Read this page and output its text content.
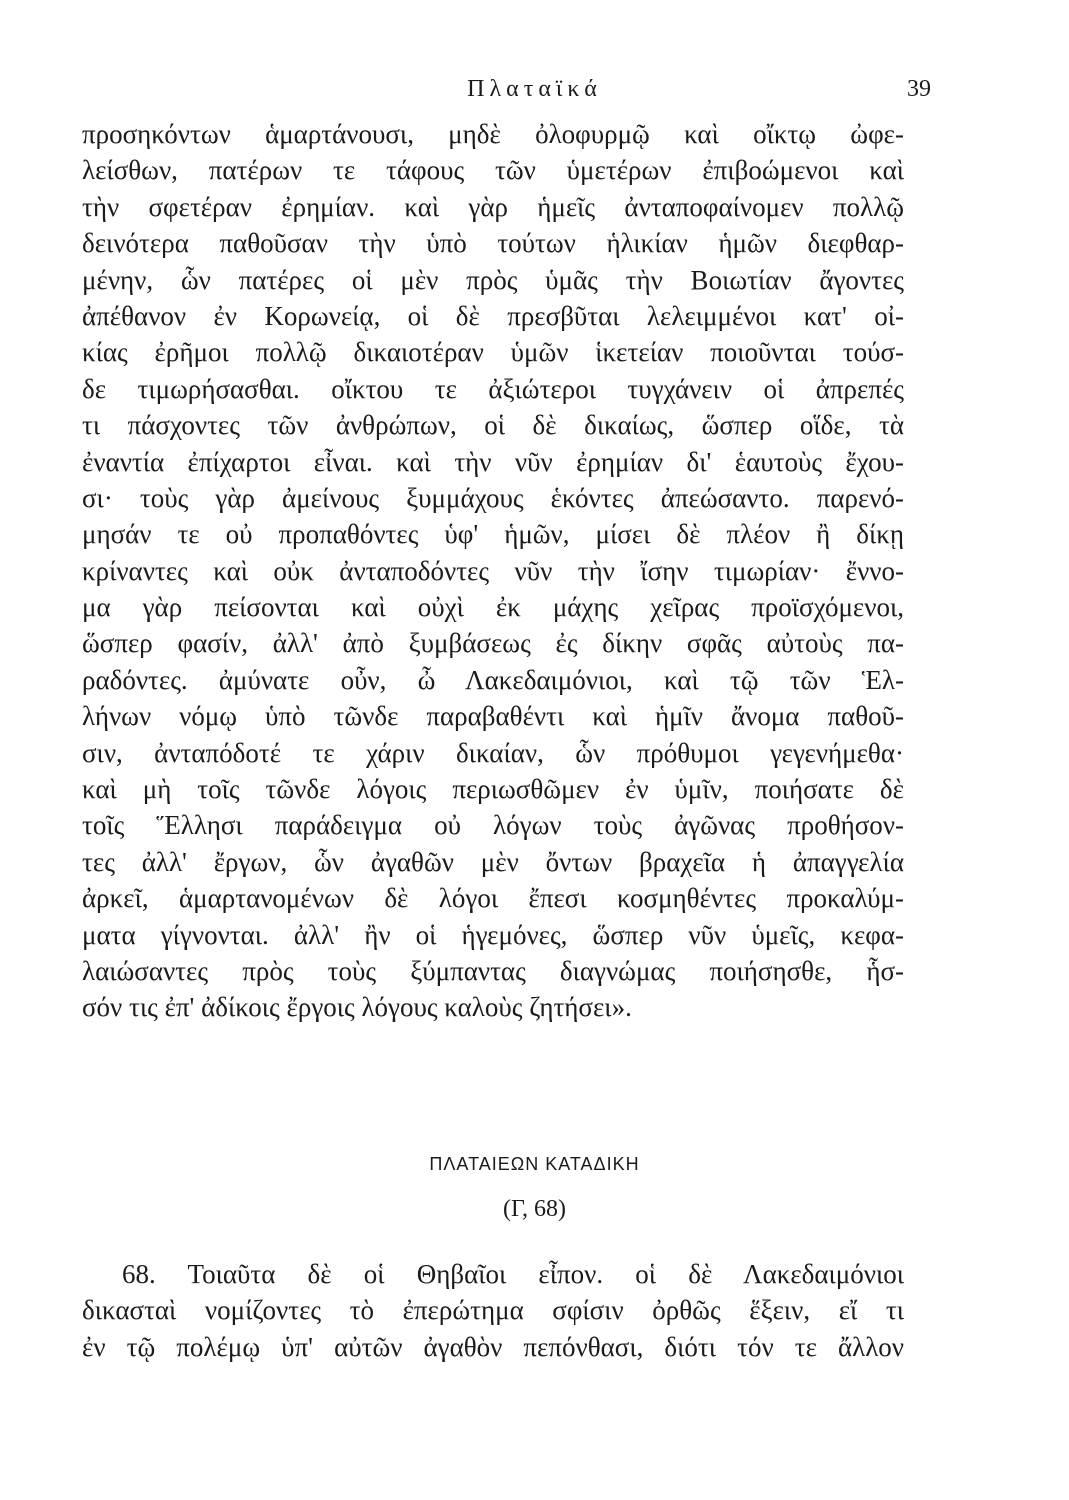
Πλαταϊκά	39
προσηκόντων ἁμαρτάνουσι, μηδὲ ὀλοφυρμῷ καὶ οἴκτῳ ὠφε-
λείσθων, πατέρων τε τάφους τῶν ὑμετέρων ἐπιβοώμενοι καὶ
τὴν σφετέραν ἐρημίαν. καὶ γὰρ ἡμεῖς ἀνταποφαίνομεν πολλῷ
δεινότερα παθοῦσαν τὴν ὑπὸ τούτων ἡλικίαν ἡμῶν διεφθαρ-
μένην, ὧν πατέρες οἱ μὲν πρὸς ὑμᾶς τὴν Βοιωτίαν ἄγοντες
ἀπέθανον ἐν Κορωνείᾳ, οἱ δὲ πρεσβῦται λελειμμένοι κατ' οἰ-
κίας ἐρῆμοι πολλῷ δικαιοτέραν ὑμῶν ἱκετείαν ποιοῦνται τούσ-
δε τιμωρήσασθαι. οἴκτου τε ἀξιώτεροι τυγχάνειν οἱ ἀπρεπές
τι πάσχοντες τῶν ἀνθρώπων, οἱ δὲ δικαίως, ὥσπερ οἵδε, τὰ
ἐναντία ἐπίχαρτοι εἶναι. καὶ τὴν νῦν ἐρημίαν δι' ἑαυτοὺς ἔχου-
σι· τοὺς γὰρ ἀμείνους ξυμμάχους ἑκόντες ἀπεώσαντο. παρενό-
μησάν τε οὐ προπαθόντες ὑφ' ἡμῶν, μίσει δὲ πλέον ἢ δίκῃ
κρίναντες καὶ οὐκ ἀνταποδόντες νῦν τὴν ἴσην τιμωρίαν· ἔννο-
μα γὰρ πείσονται καὶ οὐχὶ ἐκ μάχης χεῖρας προϊσχόμενοι,
ὥσπερ φασίν, ἀλλ' ἀπὸ ξυμβάσεως ἐς δίκην σφᾶς αὐτοὺς πα-
ραδόντες. ἀμύνατε οὖν, ὦ Λακεδαιμόνιοι, καὶ τῷ τῶν Ἑλ-
λήνων νόμῳ ὑπὸ τῶνδε παραβαθέντι καὶ ἡμῖν ἄνομα παθοῦ-
σιν, ἀνταπόδοτέ τε χάριν δικαίαν, ὧν πρόθυμοι γεγενήμεθα·
καὶ μὴ τοῖς τῶνδε λόγοις περιωσθῶμεν ἐν ὑμῖν, ποιήσατε δὲ
τοῖς Ἕλλησι παράδειγμα οὐ λόγων τοὺς ἀγῶνας προθήσον-
τες ἀλλ' ἔργων, ὧν ἀγαθῶν μὲν ὄντων βραχεῖα ἡ ἀπαγγελία
ἀρκεῖ, ἁμαρτανομένων δὲ λόγοι ἔπεσι κοσμηθέντες προκαλύμ-
ματα γίγνονται. ἀλλ' ἢν οἱ ἡγεμόνες, ὥσπερ νῦν ὑμεῖς, κεφα-
λαιώσαντες πρὸς τοὺς ξύμπαντας διαγνώμας ποιήσησθε, ἧσ-
σόν τις ἐπ' ἀδίκοις ἔργοις λόγους καλοὺς ζητήσει».
ΠΛΑΤΑΙΕΩΝ ΚΑΤΑΔΙΚΗ
(Γ, 68)
68. Τοιαῦτα δὲ οἱ Θηβαῖοι εἶπον. οἱ δὲ Λακεδαιμόνιοι
δικασταὶ νομίζοντες τὸ ἐπερώτημα σφίσιν ὀρθῶς ἕξειν, εἴ τι
ἐν τῷ πολέμῳ ὑπ' αὐτῶν ἀγαθὸν πεπόνθασι, διότι τόν τε ἄλλον
